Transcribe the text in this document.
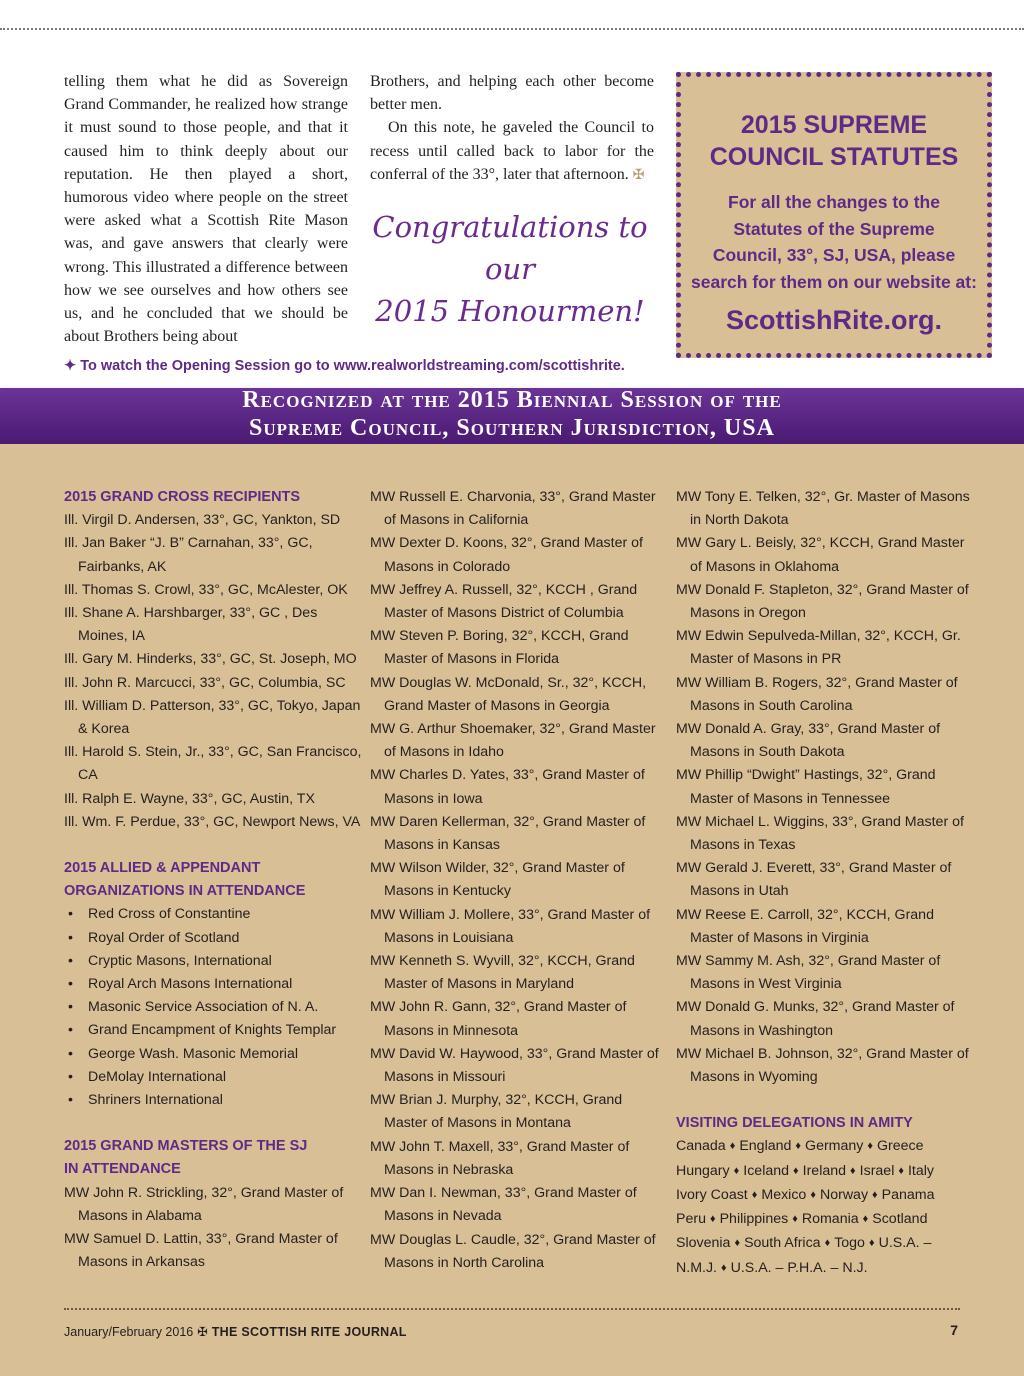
telling them what he did as Sovereign Grand Commander, he realized how strange it must sound to those people, and that it caused him to think deeply about our reputation. He then played a short, humorous video where people on the street were asked what a Scottish Rite Mason was, and gave answers that clearly were wrong. This illustrated a difference between how we see ourselves and how others see us, and he concluded that we should be about Brothers being about

Brothers, and helping each other become better men.

On this note, he gaveled the Council to recess until called back to labor for the conferral of the 33°, later that afternoon. ✠

Congratulations to our
2015 Honourmen!
2015 SUPREME
COUNCIL STATUTES
For all the changes to the
Statutes of the Supreme
Council, 33°, SJ, USA, please
search for them on our website at:
ScottishRite.org.
✦ To watch the Opening Session go to www.realworldstreaming.com/scottishrite.
Recognized at the 2015 Biennial Session of the
Supreme Council, Southern Jurisdiction, USA
2015 GRAND CROSS RECIPIENTS
Ill. Virgil D. Andersen, 33°, GC, Yankton, SD
Ill. Jan Baker “J. B” Carnahan, 33°, GC, Fairbanks, AK
Ill. Thomas S. Crowl, 33°, GC, McAlester, OK
Ill. Shane A. Harshbarger, 33°, GC , Des Moines, IA
Ill. Gary M. Hinderks, 33°, GC, St. Joseph, MO
Ill. John R. Marcucci, 33°, GC, Columbia, SC
Ill. William D. Patterson, 33°, GC, Tokyo, Japan & Korea
Ill. Harold S. Stein, Jr., 33°, GC, San Francisco, CA
Ill. Ralph E. Wayne, 33°, GC, Austin, TX
Ill. Wm. F. Perdue, 33°, GC, Newport News, VA
2015 ALLIED & APPENDANT
ORGANIZATIONS IN ATTENDANCE
• Red Cross of Constantine
• Royal Order of Scotland
• Cryptic Masons, International
• Royal Arch Masons International
• Masonic Service Association of N. A.
• Grand Encampment of Knights Templar
• George Wash. Masonic Memorial
• DeMolay International
• Shriners International
2015 GRAND MASTERS OF THE SJ
IN ATTENDANCE
MW John R. Strickling, 32°, Grand Master of Masons in Alabama
MW Samuel D. Lattin, 33°, Grand Master of Masons in Arkansas
MW Russell E. Charvonia, 33°, Grand Master of Masons in California
MW Dexter D. Koons, 32°, Grand Master of Masons in Colorado
MW Jeffrey A. Russell, 32°, KCCH , Grand Master of Masons District of Columbia
MW Steven P. Boring, 32°, KCCH, Grand Master of Masons in Florida
MW Douglas W. McDonald, Sr., 32°, KCCH, Grand Master of Masons in Georgia
MW G. Arthur Shoemaker, 32°, Grand Master of Masons in Idaho
MW Charles D. Yates, 33°, Grand Master of Masons in Iowa
MW Daren Kellerman, 32°, Grand Master of Masons in Kansas
MW Wilson Wilder, 32°, Grand Master of Masons in Kentucky
MW William J. Mollere, 33°, Grand Master of Masons in Louisiana
MW Kenneth S. Wyvill, 32°, KCCH, Grand Master of Masons in Maryland
MW John R. Gann, 32°, Grand Master of Masons in Minnesota
MW David W. Haywood, 33°, Grand Master of Masons in Missouri
MW Brian J. Murphy, 32°, KCCH, Grand Master of Masons in Montana
MW John T. Maxell, 33°, Grand Master of Masons in Nebraska
MW Dan I. Newman, 33°, Grand Master of Masons in Nevada
MW Douglas L. Caudle, 32°, Grand Master of Masons in North Carolina
MW Tony E. Telken, 32°, Gr. Master of Masons in North Dakota
MW Gary L. Beisly, 32°, KCCH, Grand Master of Masons in Oklahoma
MW Donald F. Stapleton, 32°, Grand Master of Masons in Oregon
MW Edwin Sepulveda-Millan, 32°, KCCH, Gr. Master of Masons in PR
MW William B. Rogers, 32°, Grand Master of Masons in South Carolina
MW Donald A. Gray, 33°, Grand Master of Masons in South Dakota
MW Phillip “Dwight” Hastings, 32°, Grand Master of Masons in Tennessee
MW Michael L. Wiggins, 33°, Grand Master of Masons in Texas
MW Gerald J. Everett, 33°, Grand Master of Masons in Utah
MW Reese E. Carroll, 32°, KCCH, Grand Master of Masons in Virginia
MW Sammy M. Ash, 32°, Grand Master of Masons in West Virginia
MW Donald G. Munks, 32°, Grand Master of Masons in Washington
MW Michael B. Johnson, 32°, Grand Master of Masons in Wyoming
VISITING DELEGATIONS IN AMITY
Canada ♦ England ♦ Germany ♦ Greece
Hungary ♦ Iceland ♦ Ireland ♦ Israel ♦ Italy
Ivory Coast ♦ Mexico ♦ Norway ♦ Panama
Peru ♦ Philippines ♦ Romania ♦ Scotland
Slovenia ♦ South Africa ♦ Togo ♦ U.S.A. –
N.M.J. ♦ U.S.A. – P.H.A. – N.J.
January/February 2016 ✠ THE SCOTTISH RITE JOURNAL	7
